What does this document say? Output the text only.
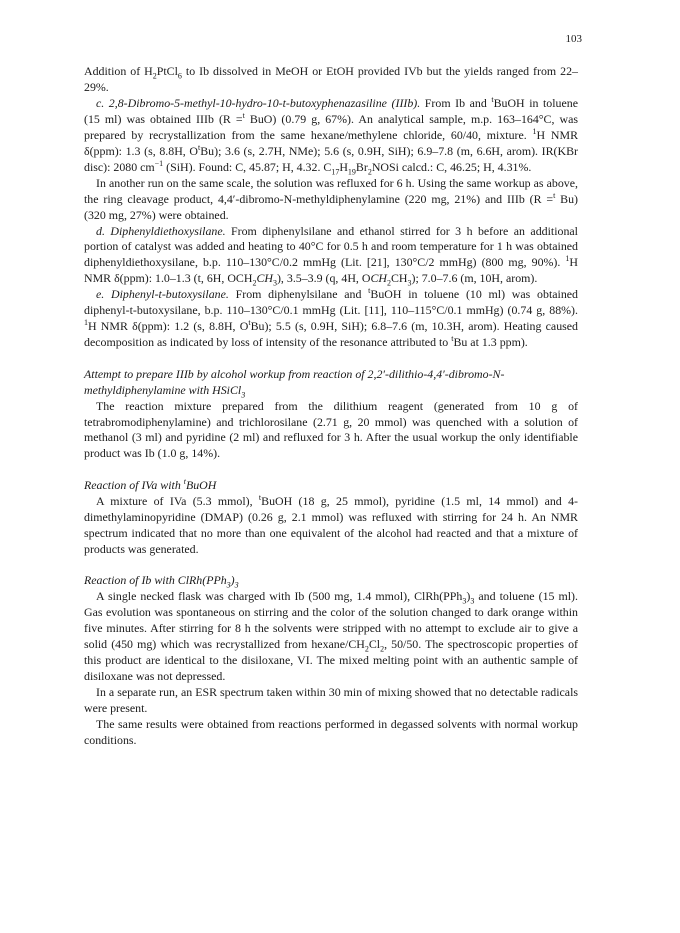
103

Addition of $H_2PtCl_6$ to Ib dissolved in MeOH or EtOH provided IVb but the yields ranged from 22–29%.

c. 2,8-Dibromo-5-methyl-10-hydro-10-t-butoxyphenazasiline (IIIb). From Ib and $^t$BuOH in toluene (15 ml) was obtained IIIb (R =$^t$ BuO) (0.79 g, 67%). An analytical sample, m.p. 163–164°C, was prepared by recrystallization from the same hexane/methylene chloride, 60/40, mixture. $^1$H NMR δ(ppm): 1.3 (s, 8.8H, $O^tBu$); 3.6 (s, 2.7H, NMe); 5.6 (s, 0.9H, SiH); 6.9–7.8 (m, 6.6H, arom). IR(KBr disc): 2080 $cm^{-1}$ (SiH). Found: C, 45.87; H, 4.32. $C_{17}H_{19}Br_2NOSi$ calcd.: C, 46.25; H, 4.31%.

In another run on the same scale, the solution was refluxed for 6 h. Using the same workup as above, the ring cleavage product, 4,4′-dibromo-N-methyldiphenylamine (220 mg, 21%) and IIIb (R =$^t$ Bu) (320 mg, 27%) were obtained.

d. Diphenyldiethoxysilane. From diphenylsilane and ethanol stirred for 3 h before an additional portion of catalyst was added and heating to 40°C for 0.5 h and room temperature for 1 h was obtained diphenyldiethoxysilane, b.p. 110–130°C/0.2 mmHg (Lit. [21], 130°C/2 mmHg) (800 mg, 90%). $^1$H NMR δ(ppm): 1.0–1.3 (t, 6H, $OCH_2CH_3$), 3.5–3.9 (q, 4H, $OCH_2CH_3$); 7.0–7.6 (m, 10H, arom).

e. Diphenyl-t-butoxysilane. From diphenylsilane and $^t$BuOH in toluene (10 ml) was obtained diphenyl-t-butoxysilane, b.p. 110–130°C/0.1 mmHg (Lit. [11], 110–115°C/0.1 mmHg) (0.74 g, 88%). $^1$H NMR δ(ppm): 1.2 (s, 8.8H, $O^tBu$); 5.5 (s, 0.9H, SiH); 6.8–7.6 (m, 10.3H, arom). Heating caused decomposition as indicated by loss of intensity of the resonance attributed to $^t$Bu at 1.3 ppm).

Attempt to prepare IIIb by alcohol workup from reaction of 2,2′-dilithio-4,4′-dibromo-N-methyldiphenylamine with HSiCl$_3$

The reaction mixture prepared from the dilithium reagent (generated from 10 g of tetrabromodiphenylamine) and trichlorosilane (2.71 g, 20 mmol) was quenched with a solution of methanol (3 ml) and pyridine (2 ml) and refluxed for 3 h. After the usual workup the only identifiable product was Ib (1.0 g, 14%).

Reaction of IVa with $^t$BuOH

A mixture of IVa (5.3 mmol), $^t$BuOH (18 g, 25 mmol), pyridine (1.5 ml, 14 mmol) and 4-dimethylaminopyridine (DMAP) (0.26 g, 2.1 mmol) was refluxed with stirring for 24 h. An NMR spectrum indicated that no more than one equivalent of the alcohol had reacted and that a mixture of products was generated.

Reaction of Ib with $ClRh(PPh_3)_3$

A single necked flask was charged with Ib (500 mg, 1.4 mmol), $ClRh(PPh_3)_3$ and toluene (15 ml). Gas evolution was spontaneous on stirring and the color of the solution changed to dark orange within five minutes. After stirring for 8 h the solvents were stripped with no attempt to exclude air to give a solid (450 mg) which was recrystallized from hexane/$CH_2Cl_2$, 50/50. The spectroscopic properties of this product are identical to the disiloxane, VI. The mixed melting point with an authentic sample of disiloxane was not depressed.

In a separate run, an ESR spectrum taken within 30 min of mixing showed that no detectable radicals were present.

The same results were obtained from reactions performed in degassed solvents with normal workup conditions.
